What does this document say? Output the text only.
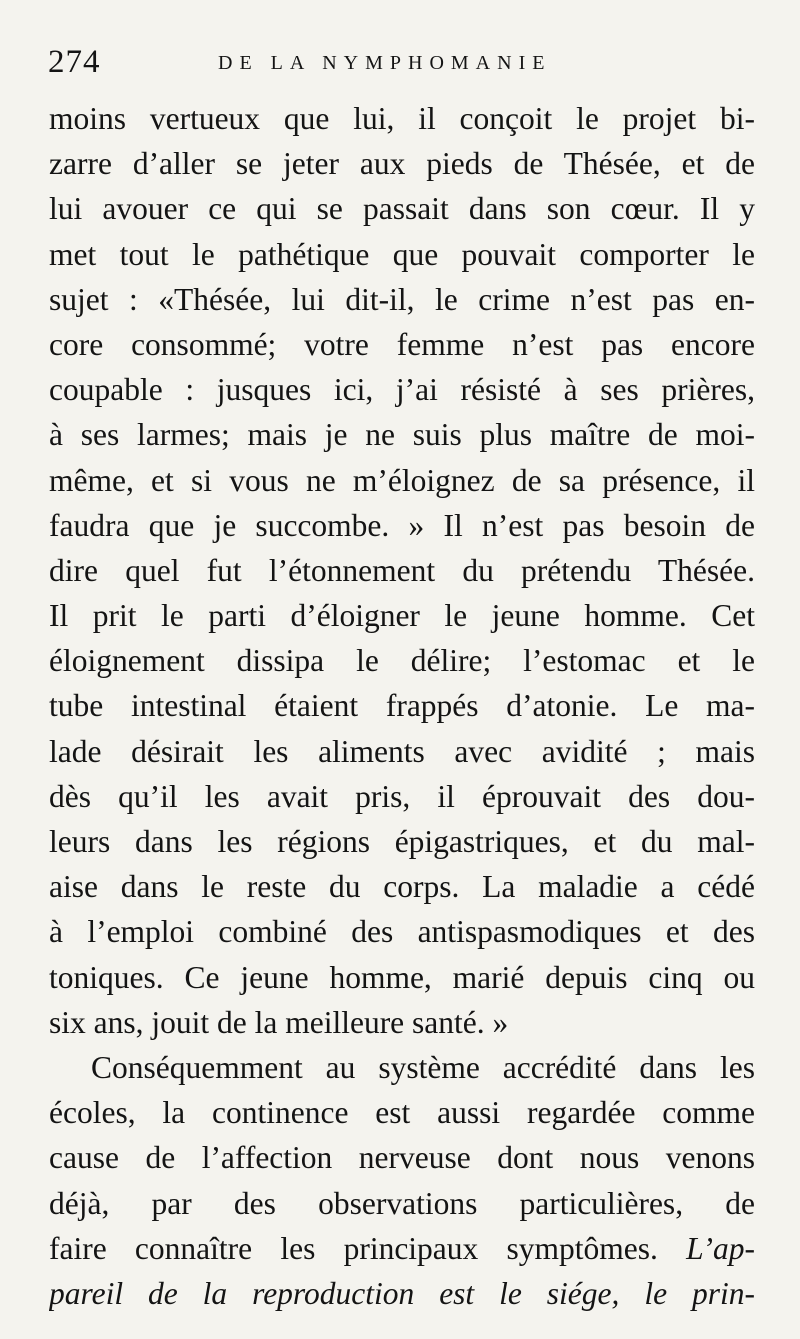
274	DE LA NYMPHOMANIE
moins vertueux que lui, il conçoit le projet bi-
zarre d’aller se jeter aux pieds de Thésée, et de
lui avouer ce qui se passait dans son cœur. Il y
met tout le pathétique que pouvait comporter le
sujet : «Thésée, lui dit-il, le crime n’est pas en-
core consommé; votre femme n’est pas encore
coupable : jusques ici, j’ai résisté à ses prières,
à ses larmes; mais je ne suis plus maître de moi-
même, et si vous ne m’éloignez de sa présence, il
faudra que je succombe. » Il n’est pas besoin de
dire quel fut l’étonnement du prétendu Thésée.
Il prit le parti d’éloigner le jeune homme. Cet
éloignement dissipa le délire; l’estomac et le
tube intestinal étaient frappés d’atonie. Le ma-
lade désirait les aliments avec avidité ; mais
dès qu’il les avait pris, il éprouvait des dou-
leurs dans les régions épigastriques, et du mal-
aise dans le reste du corps. La maladie a cédé
à l’emploi combiné des antispasmodiques et des
toniques. Ce jeune homme, marié depuis cinq ou
six ans, jouit de la meilleure santé. »
Conséquemment au système accrédité dans les
écoles, la continence est aussi regardée comme
cause de l’affection nerveuse dont nous venons
déjà, par des observations particulières, de
faire connaître les principaux symptômes. L’ap-
pareil de la reproduction est le siége, le prin-
